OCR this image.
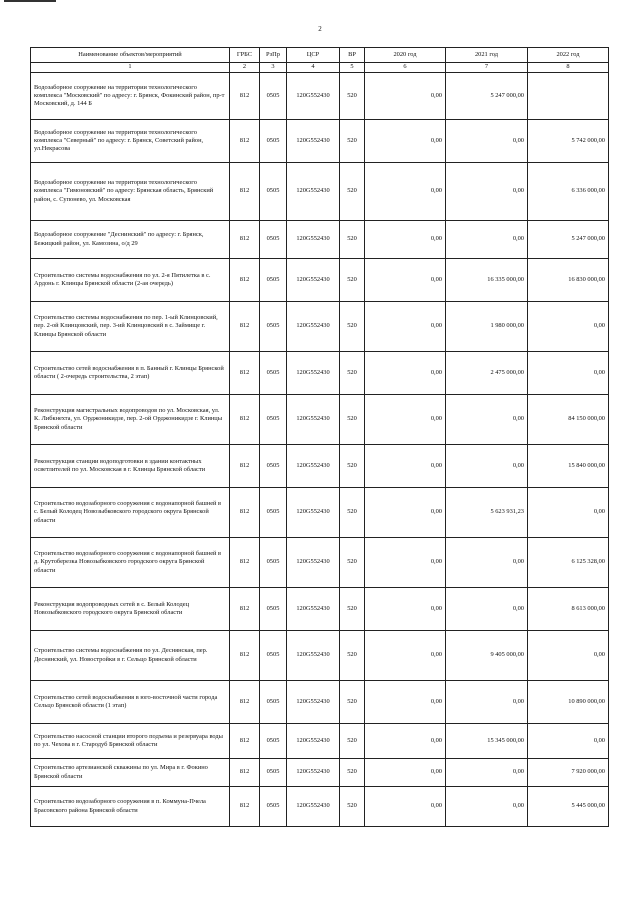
2
Наименование объектов/мероприятий	ГРБС	РзПр	ЦСР	ВР	2020 год	2021 год	2022 год
1	2	3	4	5	6	7	8
Водозаборное сооружение на территории технологического комплекса "Московский" по адресу: г. Брянск, Фокинский район, пр-т Московский, д. 144 Б	812	0505	120G552430	520	0,00	5 247 000,00	
Водозаборное сооружение на территории технологического комплекса "Северный" по адресу: г. Брянск, Советский район, ул.Некрасова	812	0505	120G552430	520	0,00	0,00	5 742 000,00
Водозаборное сооружение на территории технологического комплекса "Гимоновский" по адресу: Брянская область, Брянский район, с. Супонево, ул. Московская	812	0505	120G552430	520	0,00	0,00	6 336 000,00
Водозаборное сооружение "Деснинский" по адресу: г. Брянск, Бежицкий район, ул. Камозина, о/д 29	812	0505	120G552430	520	0,00	0,00	5 247 000,00
Строительство системы водоснабжения по ул. 2-я Пятилетка в с. Ардонь г. Клинцы Брянской области (2-ая очередь)	812	0505	120G552430	520	0,00	16 335 000,00	16 830 000,00
Строительство системы водоснабжения по пер. 1-ый Клинцовский, пер. 2-ой Клинцовский, пер. 3-ий Клинцовский в с. Займище г. Клинцы Брянской области	812	0505	120G552430	520	0,00	1 980 000,00	0,00
Строительство сетей водоснабжения в п. Банный г. Клинцы Брянской области ( 2-очередь строительства, 2 этап)	812	0505	120G552430	520	0,00	2 475 000,00	0,00
Реконструкция магистральных водопроводов по ул. Московская, ул. К. Либкнехта, ул. Орджоникидзе, пер. 2-ой Орджоникидзе г. Клинцы Брянской области	812	0505	120G552430	520	0,00	0,00	84 150 000,00
Реконструкция станции водоподготовки в здании контактных осветлителей по ул. Московская в г. Клинцы Брянской области	812	0505	120G552430	520	0,00	0,00	15 840 000,00
Строительство водозаборного сооружения с водонапорной башней в с. Белый Колодец Новозыбковского городского округа Брянской области	812	0505	120G552430	520	0,00	5 623 931,23	0,00
Строительство водозаборного сооружения с водонапорной башней в д. Крутоберезка Новозыбковского городского округа Брянской области	812	0505	120G552430	520	0,00	0,00	6 125 328,00
Реконструкция водопроводных сетей в с. Белый Колодец Новозыбковского городского округа Брянской области	812	0505	120G552430	520	0,00	0,00	8 613 000,00
Строительство системы водоснабжения по ул. Деснянская, пер. Деснянский, ул. Новостройки в г. Сельцо Брянской области	812	0505	120G552430	520	0,00	9 405 000,00	0,00
Строительство сетей водоснабжения в юго-восточной части города Сельцо Брянской области (1 этап)	812	0505	120G552430	520	0,00	0,00	10 890 000,00
Строительство насосной станции второго подъема и резервуара воды по ул. Чехова в г. Стародуб Брянской области	812	0505	120G552430	520	0,00	15 345 000,00	0,00
Строительство артезианской скважины по ул. Мира в г. Фокино Брянской области	812	0505	120G552430	520	0,00	0,00	7 920 000,00
Строительство водозаборного сооружения в п. Коммуна-Пчела Брасовского района Брянской области	812	0505	120G552430	520	0,00	0,00	5 445 000,00
